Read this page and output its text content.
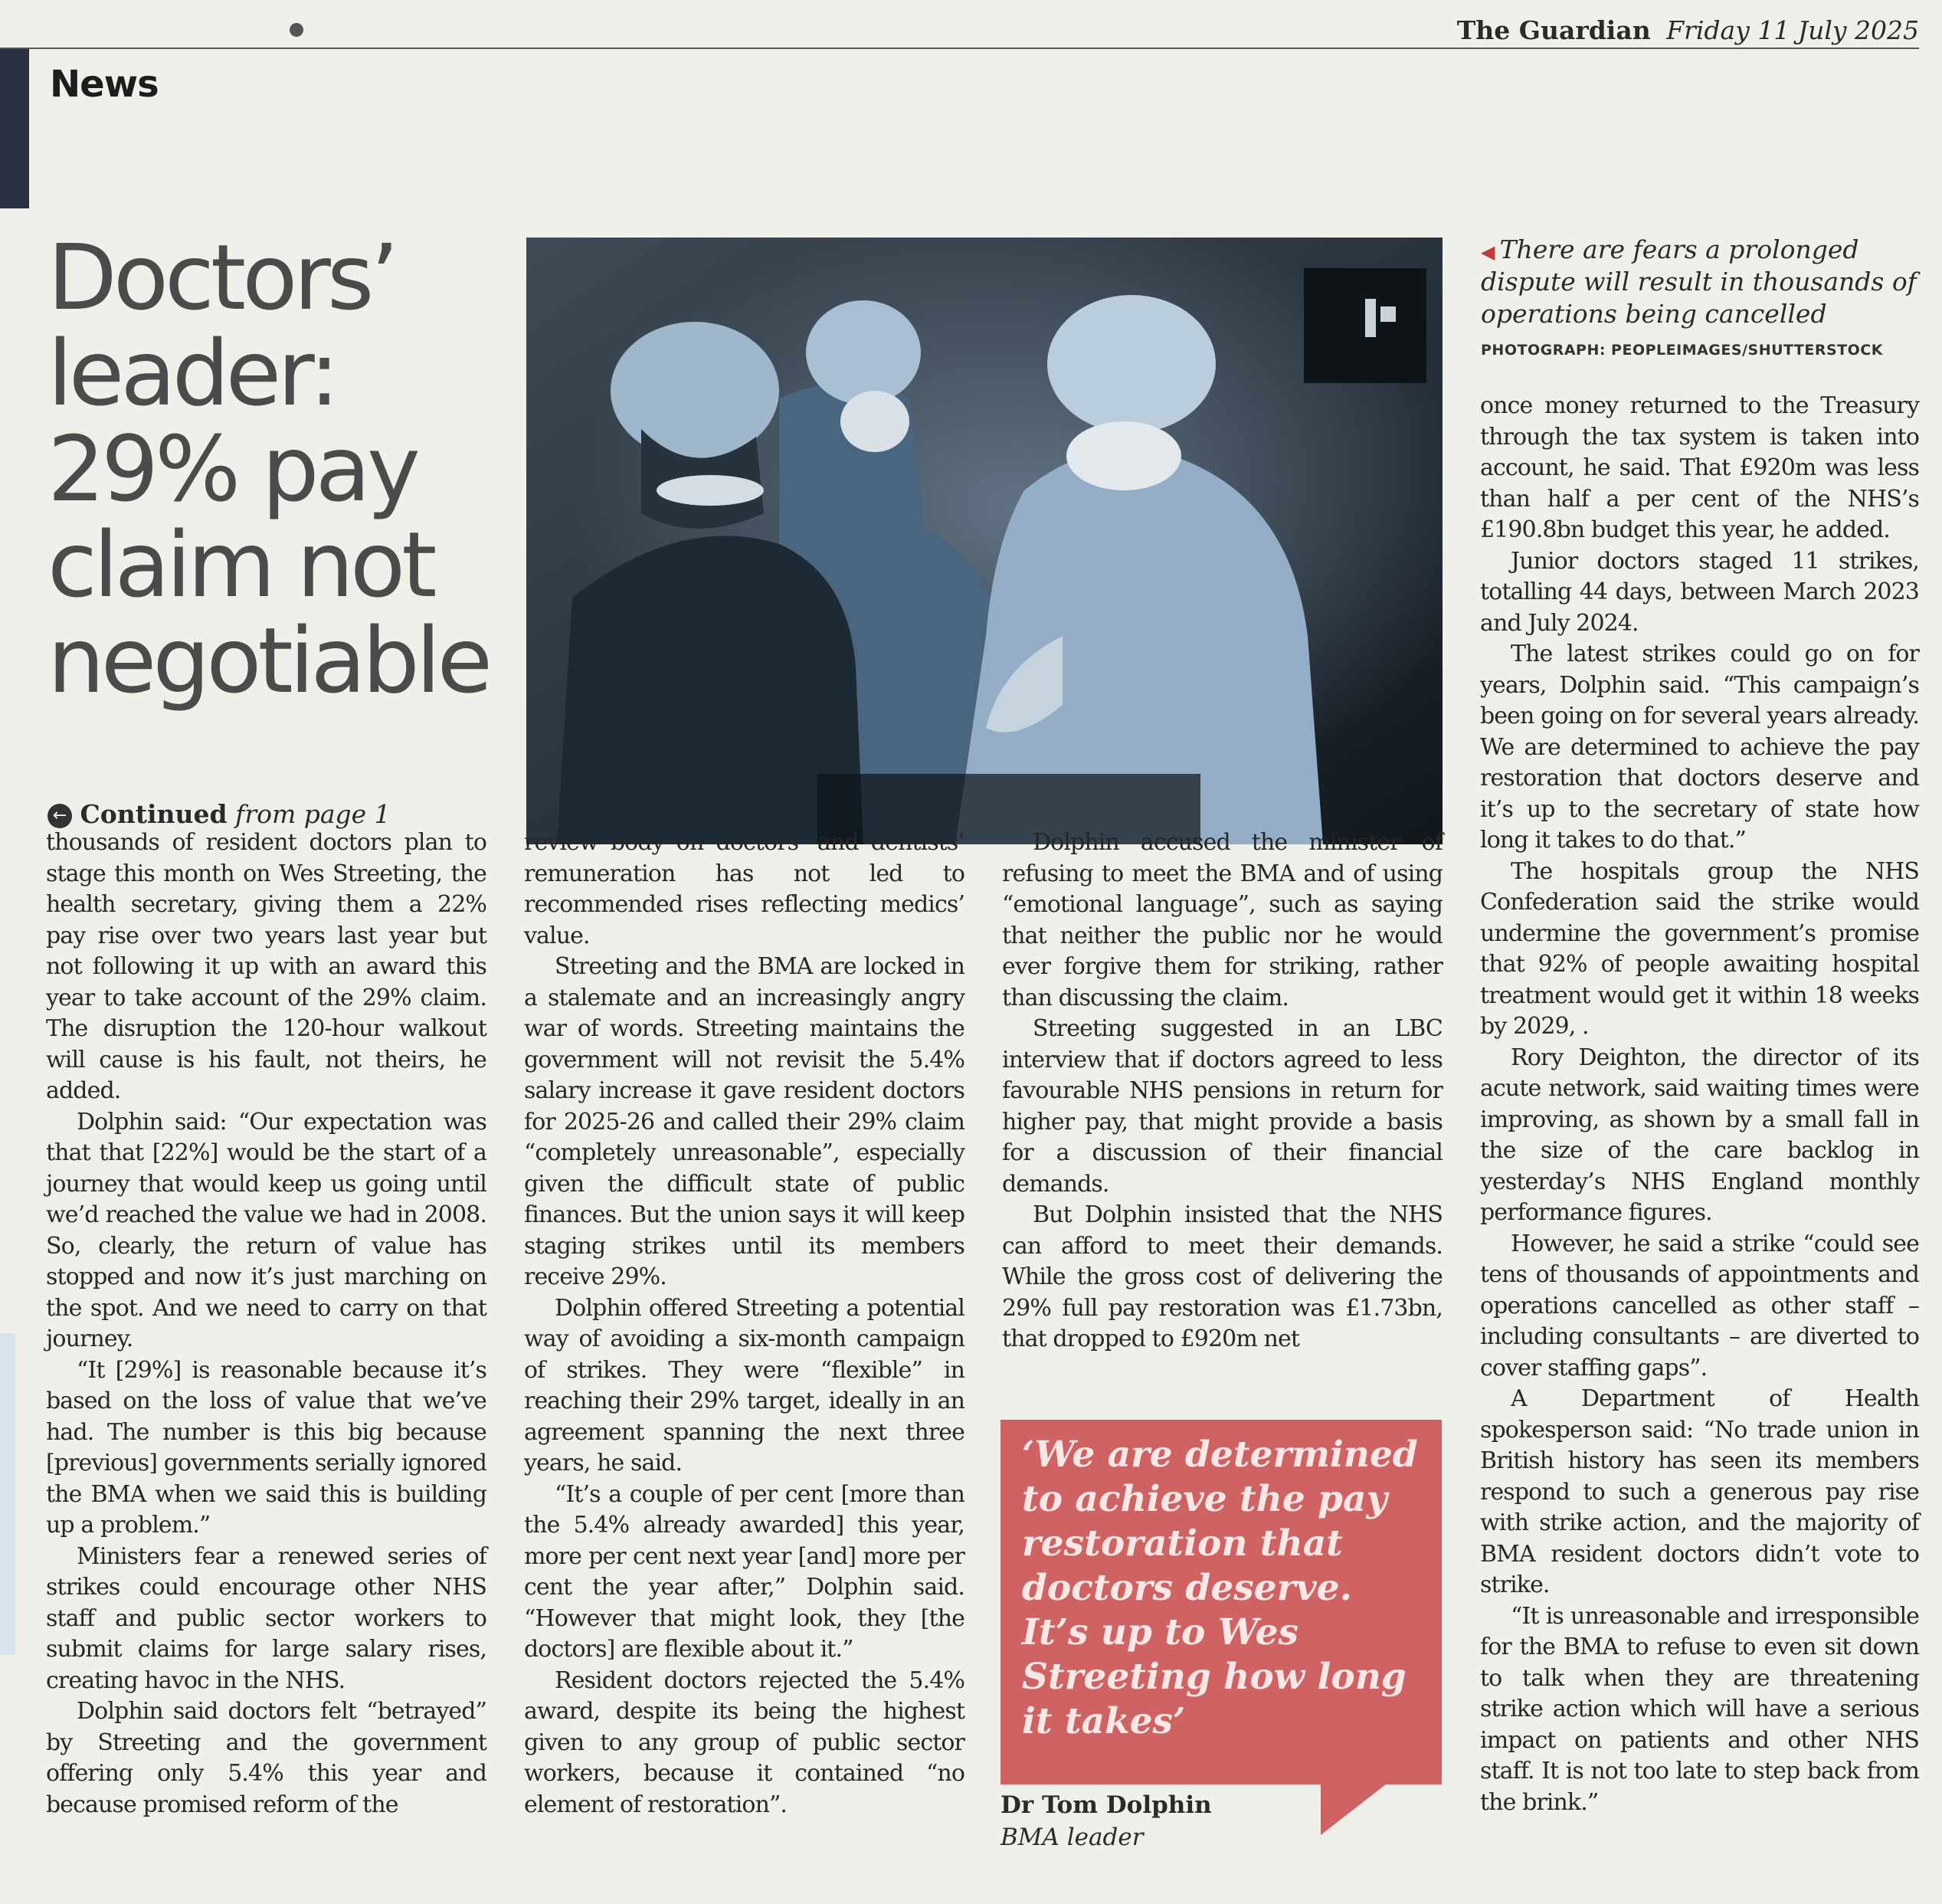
The Guardian Friday 11 July 2025
News
Doctors’ leader: 29% pay claim not negotiable
← Continued from page 1
◀ There are fears a prolonged dispute will result in thousands of operations being cancelled
PHOTOGRAPH: PEOPLEIMAGES/SHUTTERSTOCK

thousands of resident doctors plan to stage this month on Wes Streeting, the health secretary, giving them a 22% pay rise over two years last year but not following it up with an award this year to take account of the 29% claim. The disruption the 120-hour walkout will cause is his fault, not theirs, he added.

Dolphin said: “Our expectation was that that [22%] would be the start of a journey that would keep us going until we’d reached the value we had in 2008. So, clearly, the return of value has stopped and now it’s just marching on the spot. And we need to carry on that journey.

“It [29%] is reasonable because it’s based on the loss of value that we’ve had. The number is this big because [previous] governments serially ignored the BMA when we said this is building up a problem.”

Ministers fear a renewed series of strikes could encourage other NHS staff and public sector workers to submit claims for large salary rises, creating havoc in the NHS.

Dolphin said doctors felt “betrayed” by Streeting and the government offering only 5.4% this year and because promised reform of the

review body on doctors’ and dentists’ remuneration has not led to recommended rises reflecting medics’ value.

Streeting and the BMA are locked in a stalemate and an increasingly angry war of words. Streeting maintains the government will not revisit the 5.4% salary increase it gave resident doctors for 2025-26 and called their 29% claim “completely unreasonable”, especially given the difficult state of public finances. But the union says it will keep staging strikes until its members receive 29%.

Dolphin offered Streeting a potential way of avoiding a six-month campaign of strikes. They were “flexible” in reaching their 29% target, ideally in an agreement spanning the next three years, he said.

“It’s a couple of per cent [more than the 5.4% already awarded] this year, more per cent next year [and] more per cent the year after,” Dolphin said. “However that might look, they [the doctors] are flexible about it.”

Resident doctors rejected the 5.4% award, despite its being the highest given to any group of public sector workers, because it contained “no element of restoration”.

Dolphin accused the minister of refusing to meet the BMA and of using “emotional language”, such as saying that neither the public nor he would ever forgive them for striking, rather than discussing the claim.

Streeting suggested in an LBC interview that if doctors agreed to less favourable NHS pensions in return for higher pay, that might provide a basis for a discussion of their financial demands.

But Dolphin insisted that the NHS can afford to meet their demands. While the gross cost of delivering the 29% full pay restoration was £1.73bn, that dropped to £920m net

‘We are determined to achieve the pay restoration that doctors deserve. It’s up to Wes Streeting how long it takes’
Dr Tom Dolphin
BMA leader

once money returned to the Treasury through the tax system is taken into account, he said. That £920m was less than half a per cent of the NHS’s £190.8bn budget this year, he added.

Junior doctors staged 11 strikes, totalling 44 days, between March 2023 and July 2024.

The latest strikes could go on for years, Dolphin said. “This campaign’s been going on for several years already. We are determined to achieve the pay restoration that doctors deserve and it’s up to the secretary of state how long it takes to do that.”

The hospitals group the NHS Confederation said the strike would undermine the government’s promise that 92% of people awaiting hospital treatment would get it within 18 weeks by 2029, .

Rory Deighton, the director of its acute network, said waiting times were improving, as shown by a small fall in the size of the care backlog in yesterday’s NHS England monthly performance figures.

However, he said a strike “could see tens of thousands of appointments and operations cancelled as other staff – including consultants – are diverted to cover staffing gaps”.

A Department of Health spokesperson said: “No trade union in British history has seen its members respond to such a generous pay rise with strike action, and the majority of BMA resident doctors didn’t vote to strike.

“It is unreasonable and irresponsible for the BMA to refuse to even sit down to talk when they are threatening strike action which will have a serious impact on patients and other NHS staff. It is not too late to step back from the brink.”
